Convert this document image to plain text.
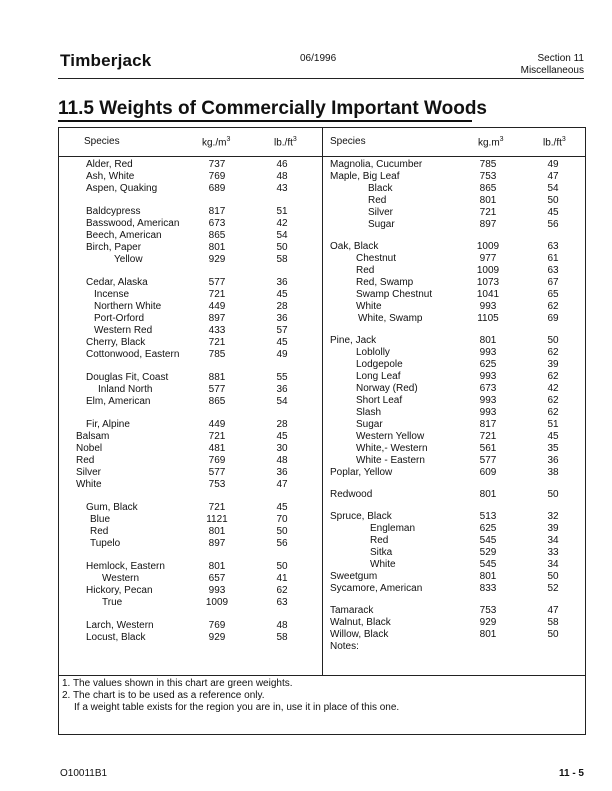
Timberjack	06/1996	Section 11
Miscellaneous
11.5 Weights of Commercially Important Woods
Species	$kg./m^3$	$lb./ft^3$	Species	$kg.m^3$	$lb./ft^3$
Alder, Red	737	46
Ash, White	769	48
Aspen, Quaking	689	43
Baldcypress	817	51
Basswood, American	673	42
Beech, American	865	54
Birch, Paper	801	50
Yellow	929	58
Cedar, Alaska	577	36
Incense	721	45
Northern White	449	28
Port-Orford	897	36
Western Red	433	57
Cherry, Black	721	45
Cottonwood, Eastern	785	49
Douglas Fit, Coast	881	55
Inland North	577	36
Elm, American	865	54
Fir, Alpine	449	28
Balsam	721	45
Nobel	481	30
Red	769	48
Silver	577	36
White	753	47
Gum, Black	721	45
Blue	1121	70
Red	801	50
Tupelo	897	56
Hemlock, Eastern	801	50
Western	657	41
Hickory, Pecan	993	62
True	1009	63
Larch, Western	769	48
Locust, Black	929	58
Magnolia, Cucumber	785	49
Maple, Big Leaf	753	47
Black	865	54
Red	801	50
Silver	721	45
Sugar	897	56
Oak, Black	1009	63
Chestnut	977	61
Red	1009	63
Red, Swamp	1073	67
Swamp Chestnut	1041	65
White	993	62
White, Swamp	1105	69
Pine, Jack	801	50
Loblolly	993	62
Lodgepole	625	39
Long Leaf	993	62
Norway (Red)	673	42
Short Leaf	993	62
Slash	993	62
Sugar	817	51
Western Yellow	721	45
White,- Western	561	35
White - Eastern	577	36
Poplar, Yellow	609	38
Redwood	801	50
Spruce, Black	513	32
Engleman	625	39
Red	545	34
Sitka	529	33
White	545	34
Sweetgum	801	50
Sycamore, American	833	52
Tamarack	753	47
Walnut, Black	929	58
Willow, Black	801	50
Notes:
1. The values shown in this chart are green weights.
2. The chart is to be used as a reference only.
If a weight table exists for the region you are in, use it in place of this one.
O10011B1	11 - 5
